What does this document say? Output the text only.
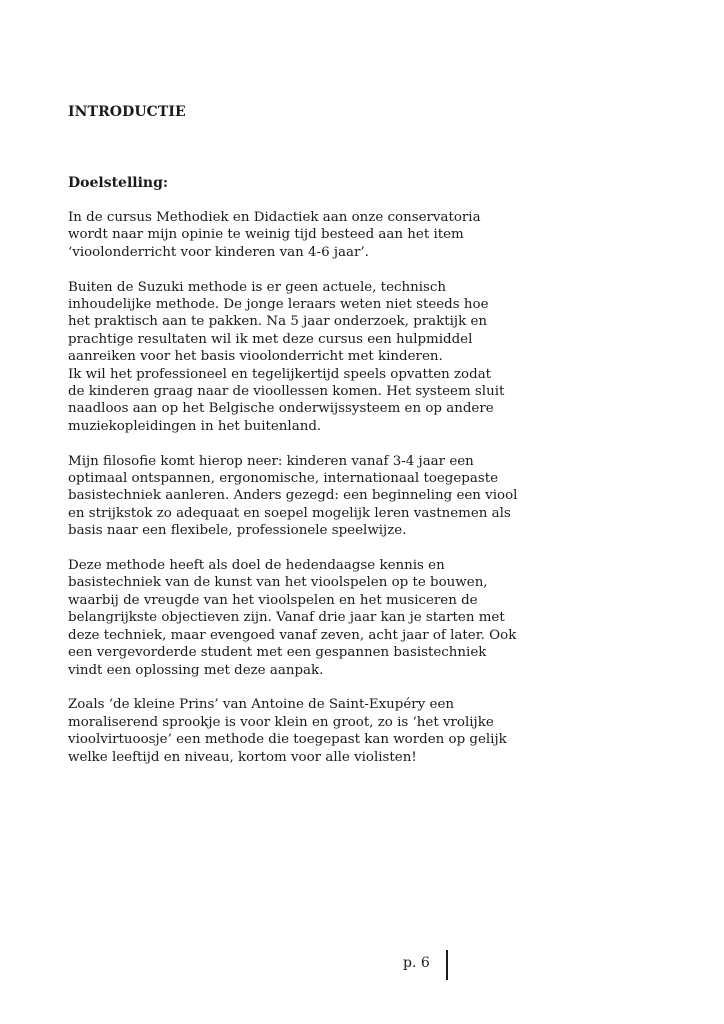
INTRODUCTIE
Doelstelling:

In de cursus Methodiek en Didactiek aan onze conservatoria
wordt naar mijn opinie te weinig tijd besteed aan het item
‘vioolonderricht voor kinderen van 4-6 jaar’.

Buiten de Suzuki methode is er geen actuele, technisch
inhoudelijke methode. De jonge leraars weten niet steeds hoe
het praktisch aan te pakken. Na 5 jaar onderzoek, praktijk en
prachtige resultaten wil ik met deze cursus een hulpmiddel
aanreiken voor het basis vioolonderricht met kinderen.
Ik wil het professioneel en tegelijkertijd speels opvatten zodat
de kinderen graag naar de vioollessen komen. Het systeem sluit
naadloos aan op het Belgische onderwijssysteem en op andere
muziekopleidingen in het buitenland.

Mijn filosofie komt hierop neer: kinderen vanaf 3-4 jaar een
optimaal ontspannen, ergonomische, internationaal toegepaste
basistechniek aanleren. Anders gezegd: een beginneling een viool
en strijkstok zo adequaat en soepel mogelijk leren vastnemen als
basis naar een flexibele, professionele speelwijze.

Deze methode heeft als doel de hedendaagse kennis en
basistechniek van de kunst van het vioolspelen op te bouwen,
waarbij de vreugde van het vioolspelen en het musiceren de
belangrijkste objectieven zijn. Vanaf drie jaar kan je starten met
deze techniek, maar evengoed vanaf zeven, acht jaar of later. Ook
een vergevorderde student met een gespannen basistechniek
vindt een oplossing met deze aanpak.

Zoals ‘de kleine Prins’ van Antoine de Saint-Exupéry een
moraliserend sprookje is voor klein en groot, zo is ‘het vrolijke
vioolvirtuoosje’ een methode die toegepast kan worden op gelijk
welke leeftijd en niveau, kortom voor alle violisten!

p. 6
